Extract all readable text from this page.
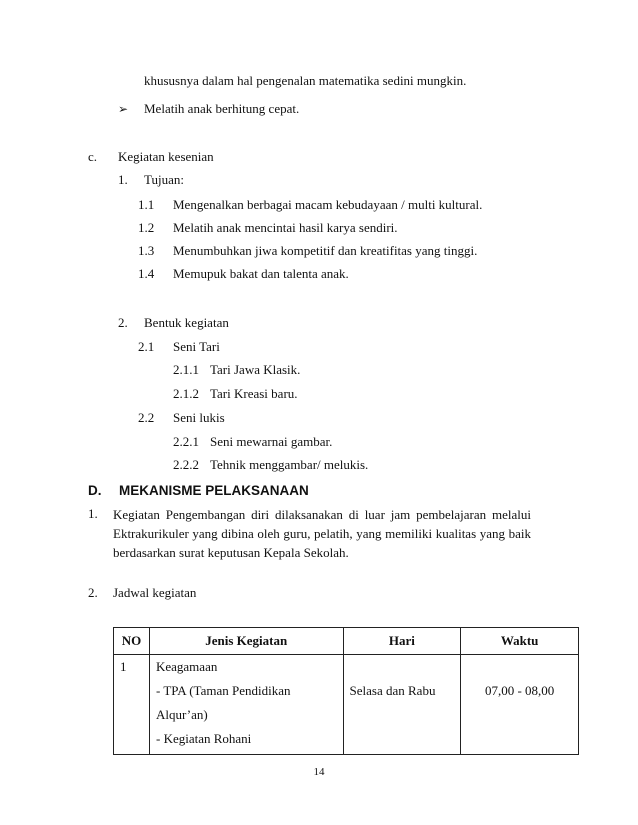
khususnya dalam hal pengenalan matematika sedini mungkin.
➢ Melatih anak berhitung cepat.
c. Kegiatan kesenian
1. Tujuan:
1.1 Mengenalkan berbagai macam kebudayaan / multi kultural.
1.2 Melatih anak mencintai hasil karya sendiri.
1.3 Menumbuhkan jiwa kompetitif dan kreatifitas yang tinggi.
1.4 Memupuk bakat dan talenta anak.
2. Bentuk kegiatan
2.1 Seni Tari
2.1.1 Tari Jawa Klasik.
2.1.2 Tari Kreasi baru.
2.2 Seni lukis
2.2.1 Seni mewarnai gambar.
2.2.2 Tehnik menggambar/ melukis.
D. MEKANISME PELAKSANAAN
1. Kegiatan Pengembangan diri dilaksanakan di luar jam pembelajaran melalui Ektrakurikuler yang dibina oleh guru, pelatih, yang memiliki kualitas yang baik berdasarkan surat keputusan Kepala Sekolah.
2. Jadwal kegiatan
NO	Jenis Kegiatan	Hari	Waktu
1	Keagamaan
- TPA (Taman Pendidikan Alqur’an)
- Kegiatan Rohani	Selasa dan Rabu	07,00 - 08,00
14
